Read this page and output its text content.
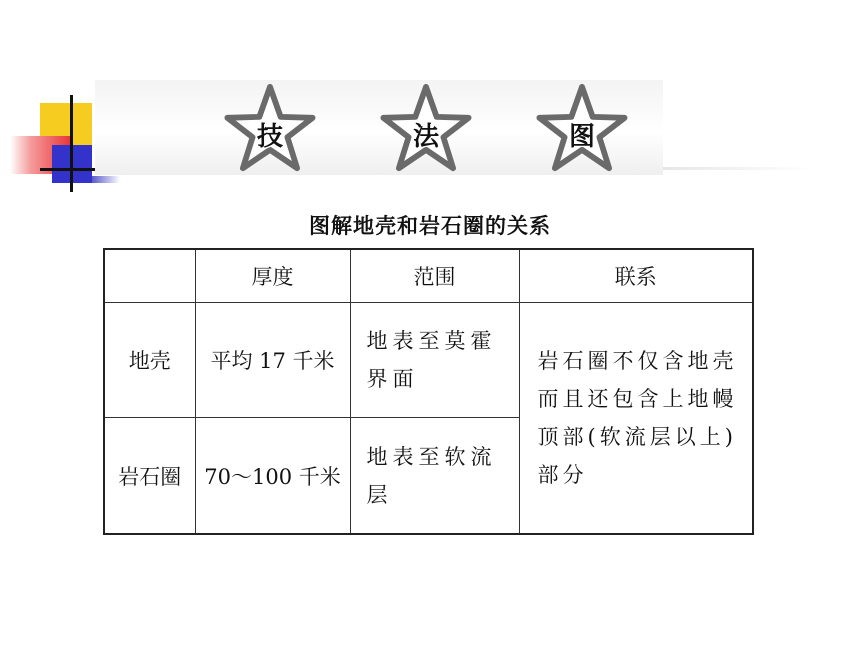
技	法	图
图解地壳和岩石圈的关系
	厚度	范围	联系
地壳	平均 17 千米	地表至莫霍界面	岩石圈不仅含地壳而且还包含上地幔顶部(软流层以上)部分
岩石圈	70～100 千米	地表至软流层	
